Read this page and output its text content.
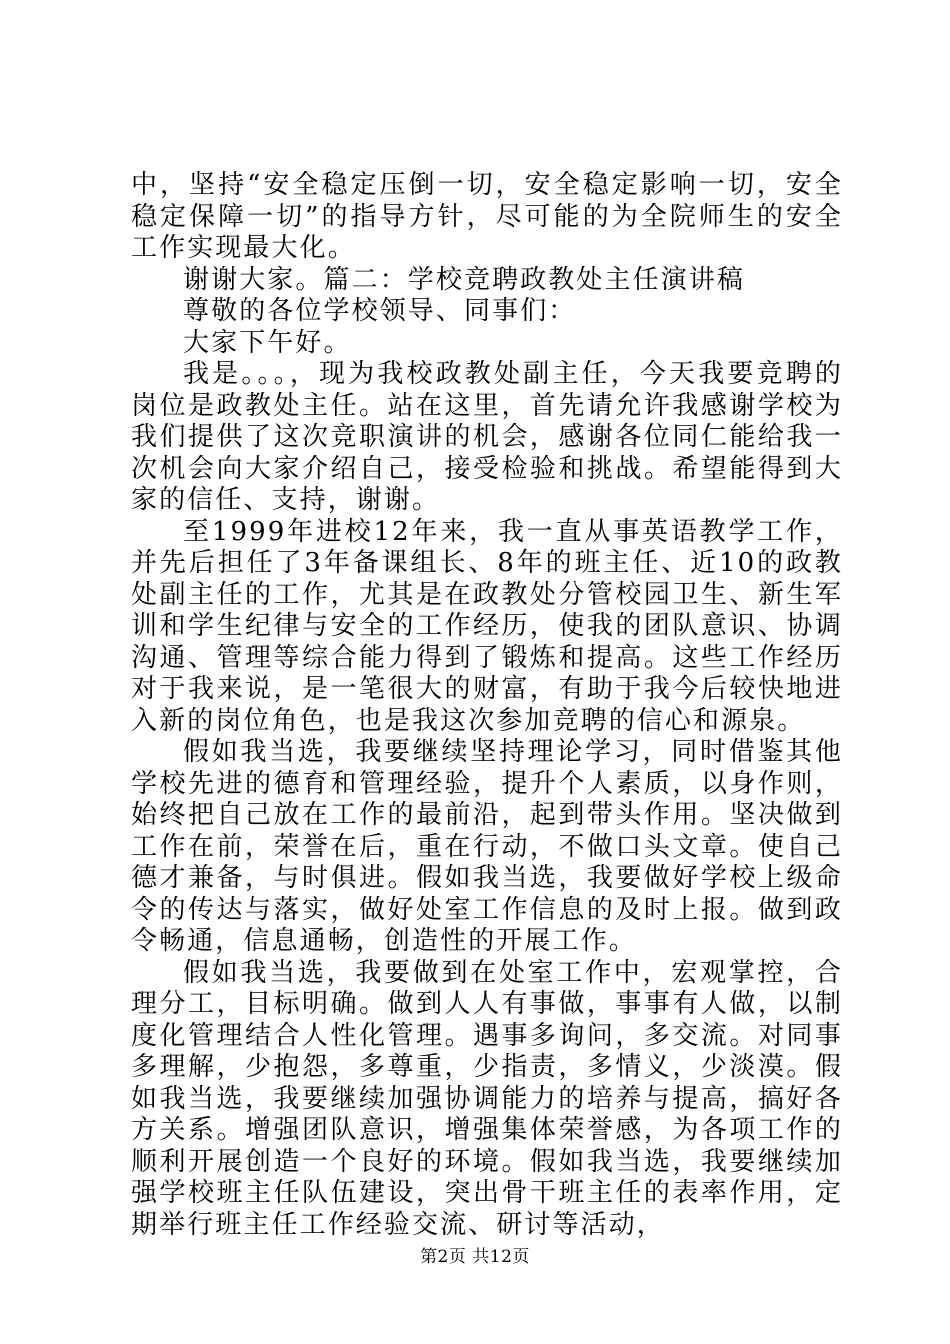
中，坚持“安全稳定压倒一切，安全稳定影响一切，安全稳定保障一切”的指导方针，尽可能的为全院师生的安全工作实现最大化。

谢谢大家。篇二：学校竞聘政教处主任演讲稿

尊敬的各位学校领导、同事们：

大家下午好。

我是。。。，现为我校政教处副主任，今天我要竞聘的岗位是政教处主任。站在这里，首先请允许我感谢学校为我们提供了这次竞职演讲的机会，感谢各位同仁能给我一次机会向大家介绍自己，接受检验和挑战。希望能得到大家的信任、支持，谢谢。

至1999年进校12年来，我一直从事英语教学工作，并先后担任了3年备课组长、8年的班主任、近10的政教处副主任的工作，尤其是在政教处分管校园卫生、新生军训和学生纪律与安全的工作经历，使我的团队意识、协调沟通、管理等综合能力得到了锻炼和提高。这些工作经历对于我来说，是一笔很大的财富，有助于我今后较快地进入新的岗位角色，也是我这次参加竞聘的信心和源泉。

假如我当选，我要继续坚持理论学习，同时借鉴其他学校先进的德育和管理经验，提升个人素质，以身作则，始终把自己放在工作的最前沿，起到带头作用。坚决做到工作在前，荣誉在后，重在行动，不做口头文章。使自己德才兼备，与时俱进。假如我当选，我要做好学校上级命令的传达与落实，做好处室工作信息的及时上报。做到政令畅通，信息通畅，创造性的开展工作。

假如我当选，我要做到在处室工作中，宏观掌控，合理分工，目标明确。做到人人有事做，事事有人做，以制度化管理结合人性化管理。遇事多询问，多交流。对同事多理解，少抱怨，多尊重，少指责，多情义，少淡漠。假如我当选，我要继续加强协调能力的培养与提高，搞好各方关系。增强团队意识，增强集体荣誉感，为各项工作的顺利开展创造一个良好的环境。假如我当选，我要继续加强学校班主任队伍建设，突出骨干班主任的表率作用，定期举行班主任工作经验交流、研讨等活动，

第2页 共12页
